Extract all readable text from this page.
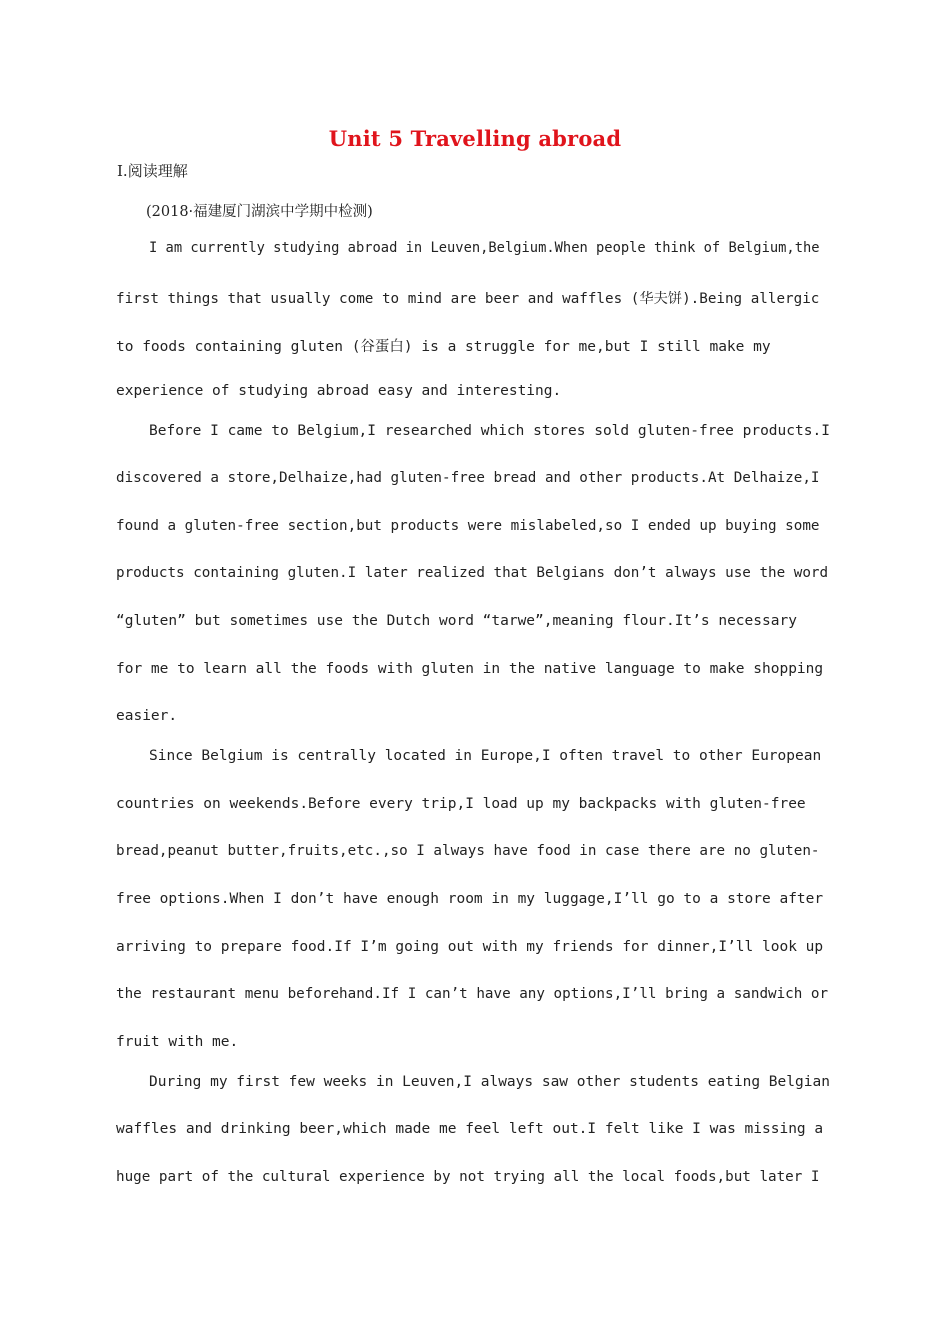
Unit 5 Travelling abroad
Ⅰ.阅读理解
(2018·福建厦门湖滨中学期中检测)
I am currently studying abroad in Leuven,Belgium.When people think of Belgium,the
first things that usually come to mind are beer and waffles (华夫饼).Being allergic
to foods containing gluten (谷蛋白) is a struggle for me,but I still make my
experience of studying abroad easy and interesting.
Before I came to Belgium,I researched which stores sold gluten-free products.I
discovered a store,Delhaize,had gluten-free bread and other products.At Delhaize,I
found a gluten-free section,but products were mislabeled,so I ended up buying some
products containing gluten.I later realized that Belgians don’t always use the word
“gluten” but sometimes use the Dutch word “tarwe”,meaning flour.It’s necessary
for me to learn all the foods with gluten in the native language to make shopping
easier.
Since Belgium is centrally located in Europe,I often travel to other European
countries on weekends.Before every trip,I load up my backpacks with gluten-free
bread,peanut butter,fruits,etc.,so I always have food in case there are no gluten-
free options.When I don’t have enough room in my luggage,I’ll go to a store after
arriving to prepare food.If I’m going out with my friends for dinner,I’ll look up
the restaurant menu beforehand.If I can’t have any options,I’ll bring a sandwich or
fruit with me.
During my first few weeks in Leuven,I always saw other students eating Belgian
waffles and drinking beer,which made me feel left out.I felt like I was missing a
huge part of the cultural experience by not trying all the local foods,but later I
